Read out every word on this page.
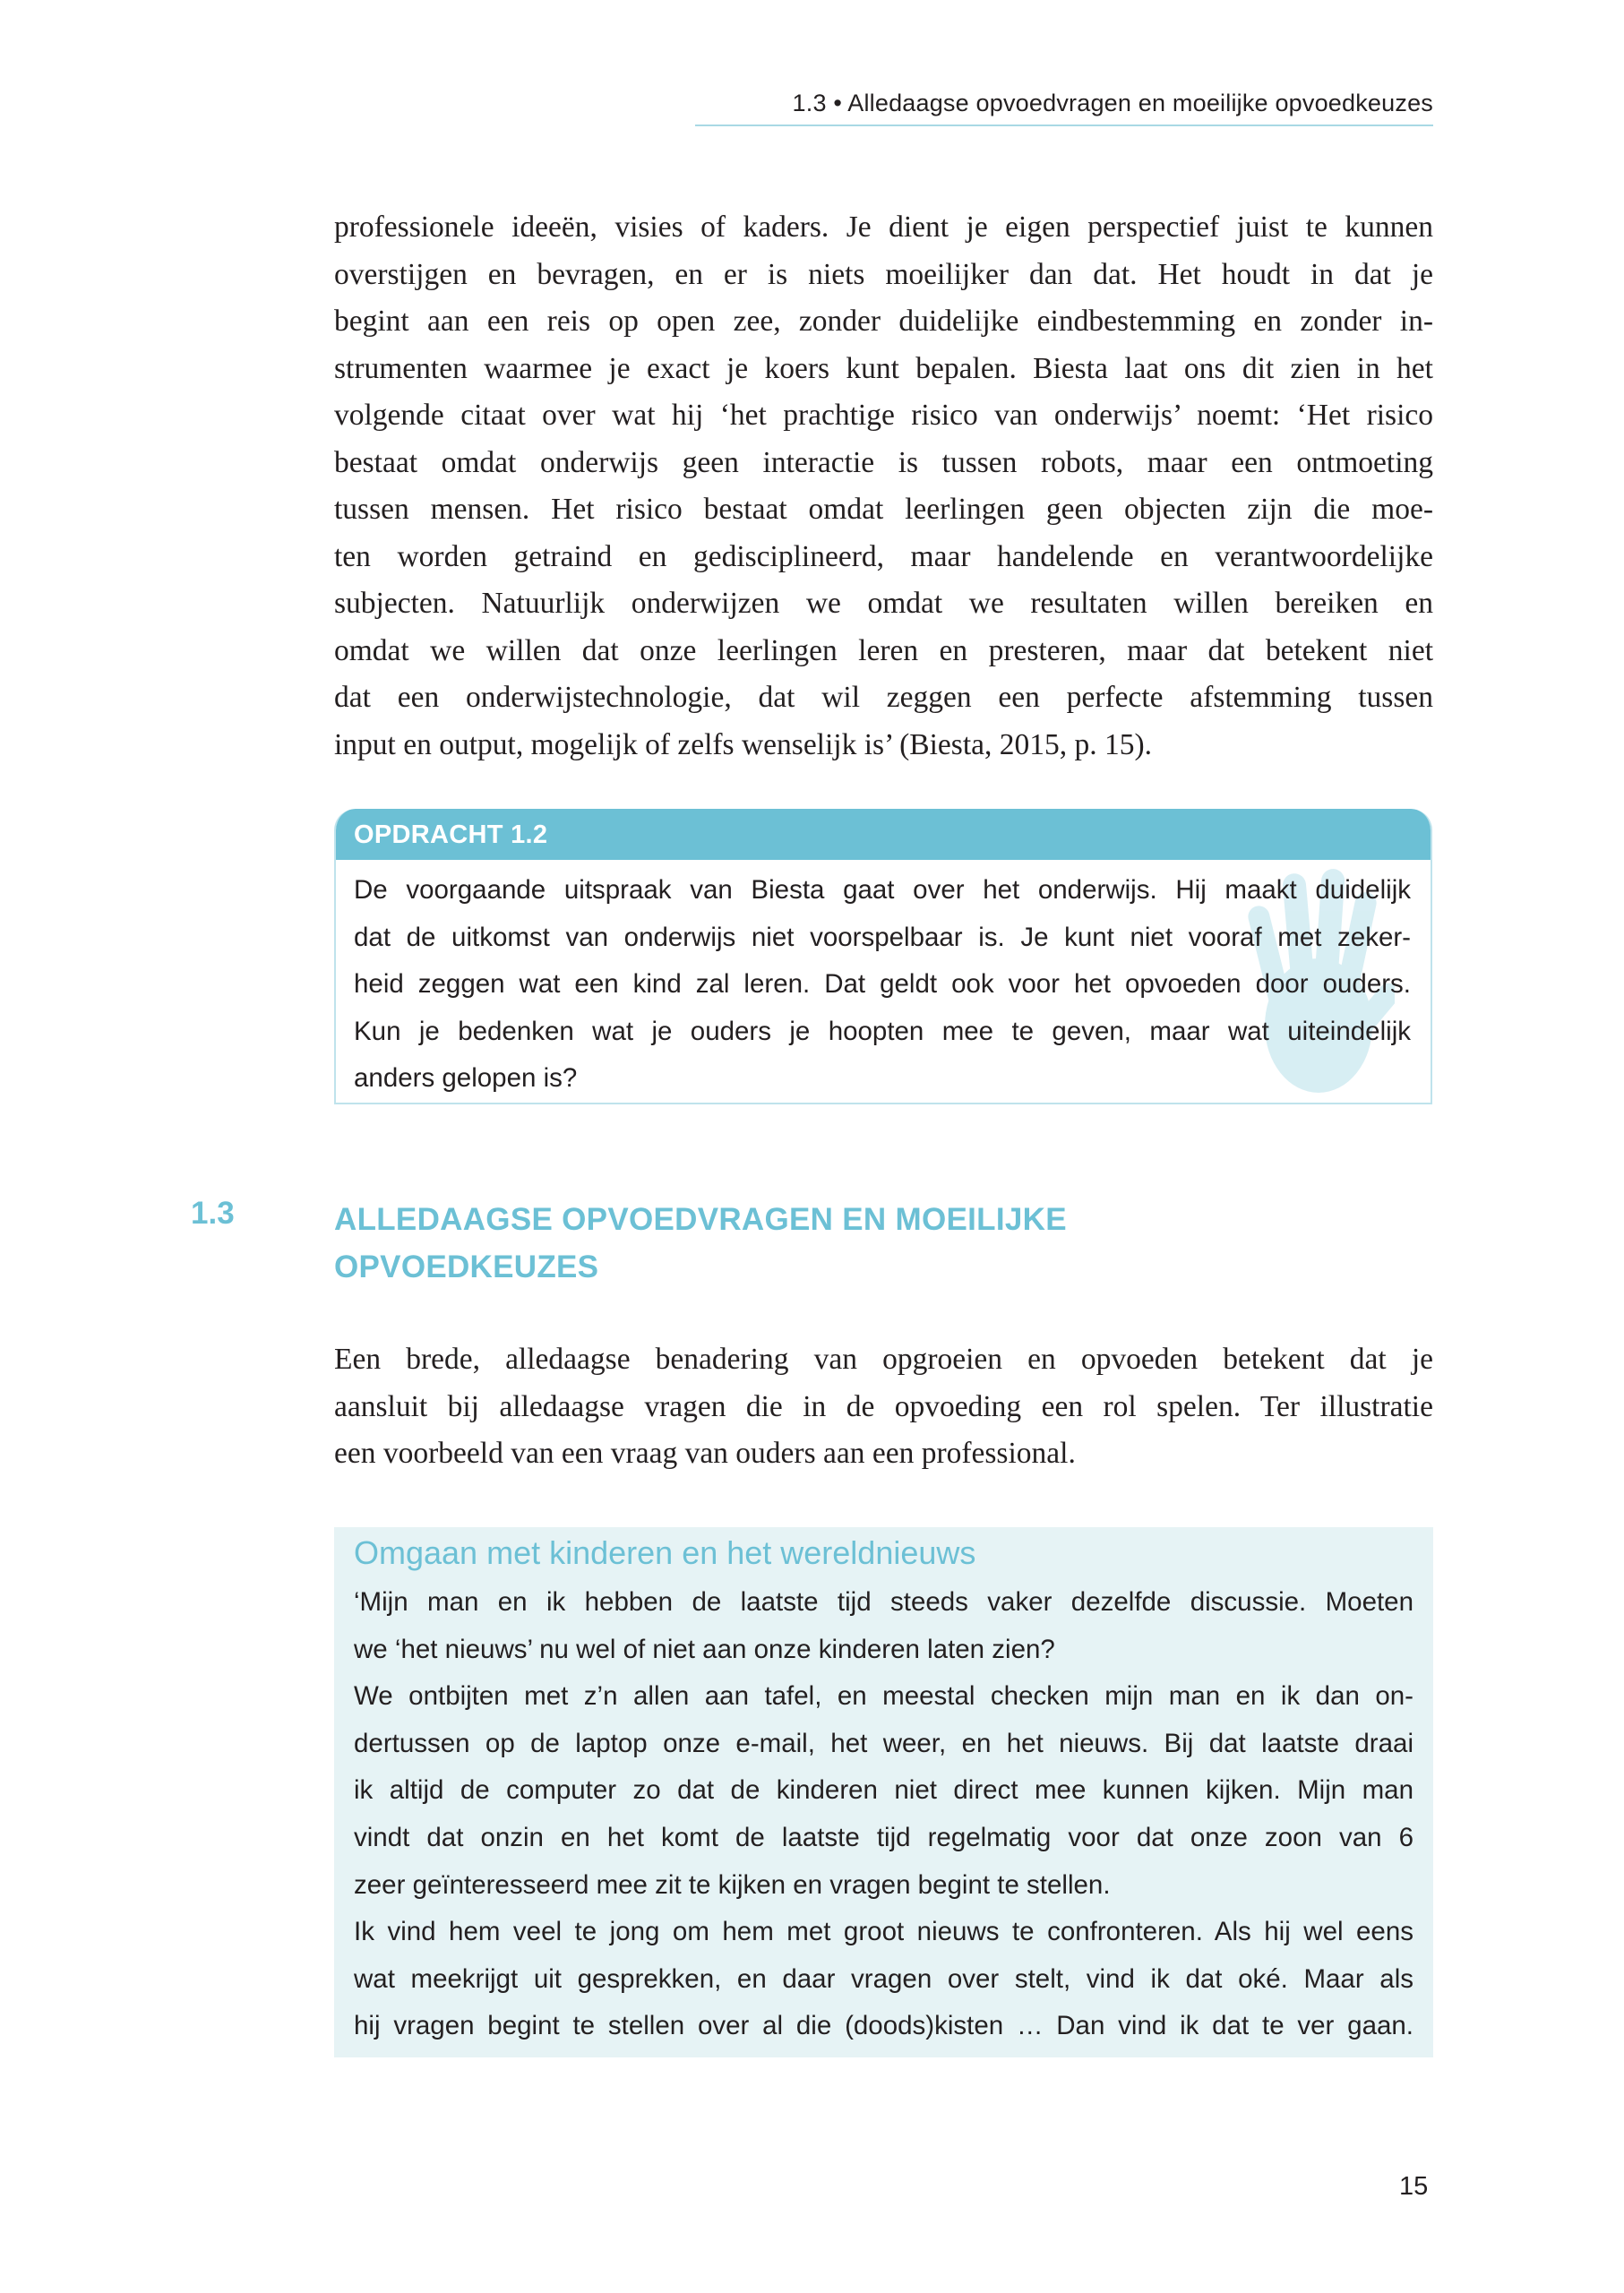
1.3 • Alledaagse opvoedvragen en moeilijke opvoedkeuzes
professionele ideeën, visies of kaders. Je dient je eigen perspectief juist te kunnen
overstijgen en bevragen, en er is niets moeilijker dan dat. Het houdt in dat je
begint aan een reis op open zee, zonder duidelijke eindbestemming en zonder in-
strumenten waarmee je exact je koers kunt bepalen. Biesta laat ons dit zien in het
volgende citaat over wat hij ‘het prachtige risico van onderwijs’ noemt: ‘Het risico
bestaat omdat onderwijs geen interactie is tussen robots, maar een ontmoeting
tussen mensen. Het risico bestaat omdat leerlingen geen objecten zijn die moe-
ten worden getraind en gedisciplineerd, maar handelende en verantwoordelijke
subjecten. Natuurlijk onderwijzen we omdat we resultaten willen bereiken en
omdat we willen dat onze leerlingen leren en presteren, maar dat betekent niet
dat een onderwijstechnologie, dat wil zeggen een perfecte afstemming tussen
input en output, mogelijk of zelfs wenselijk is’ (Biesta, 2015, p. 15).
OPDRACHT 1.2
De voorgaande uitspraak van Biesta gaat over het onderwijs. Hij maakt duidelijk
dat de uitkomst van onderwijs niet voorspelbaar is. Je kunt niet vooraf met zeker-
heid zeggen wat een kind zal leren. Dat geldt ook voor het opvoeden door ouders.
Kun je bedenken wat je ouders je hoopten mee te geven, maar wat uiteindelijk
anders gelopen is?
1.3	ALLEDAAGSE OPVOEDVRAGEN EN MOEILIJKE
OPVOEDKEUZES
Een brede, alledaagse benadering van opgroeien en opvoeden betekent dat je
aansluit bij alledaagse vragen die in de opvoeding een rol spelen. Ter illustratie
een voorbeeld van een vraag van ouders aan een professional.
Omgaan met kinderen en het wereldnieuws
‘Mijn man en ik hebben de laatste tijd steeds vaker dezelfde discussie. Moeten
we ‘het nieuws’ nu wel of niet aan onze kinderen laten zien?
We ontbijten met z’n allen aan tafel, en meestal checken mijn man en ik dan on-
dertussen op de laptop onze e-mail, het weer, en het nieuws. Bij dat laatste draai
ik altijd de computer zo dat de kinderen niet direct mee kunnen kijken. Mijn man
vindt dat onzin en het komt de laatste tijd regelmatig voor dat onze zoon van 6
zeer geïnteresseerd mee zit te kijken en vragen begint te stellen.
Ik vind hem veel te jong om hem met groot nieuws te confronteren. Als hij wel eens
wat meekrijgt uit gesprekken, en daar vragen over stelt, vind ik dat oké. Maar als
hij vragen begint te stellen over al die (doods)kisten … Dan vind ik dat te ver gaan.
15
